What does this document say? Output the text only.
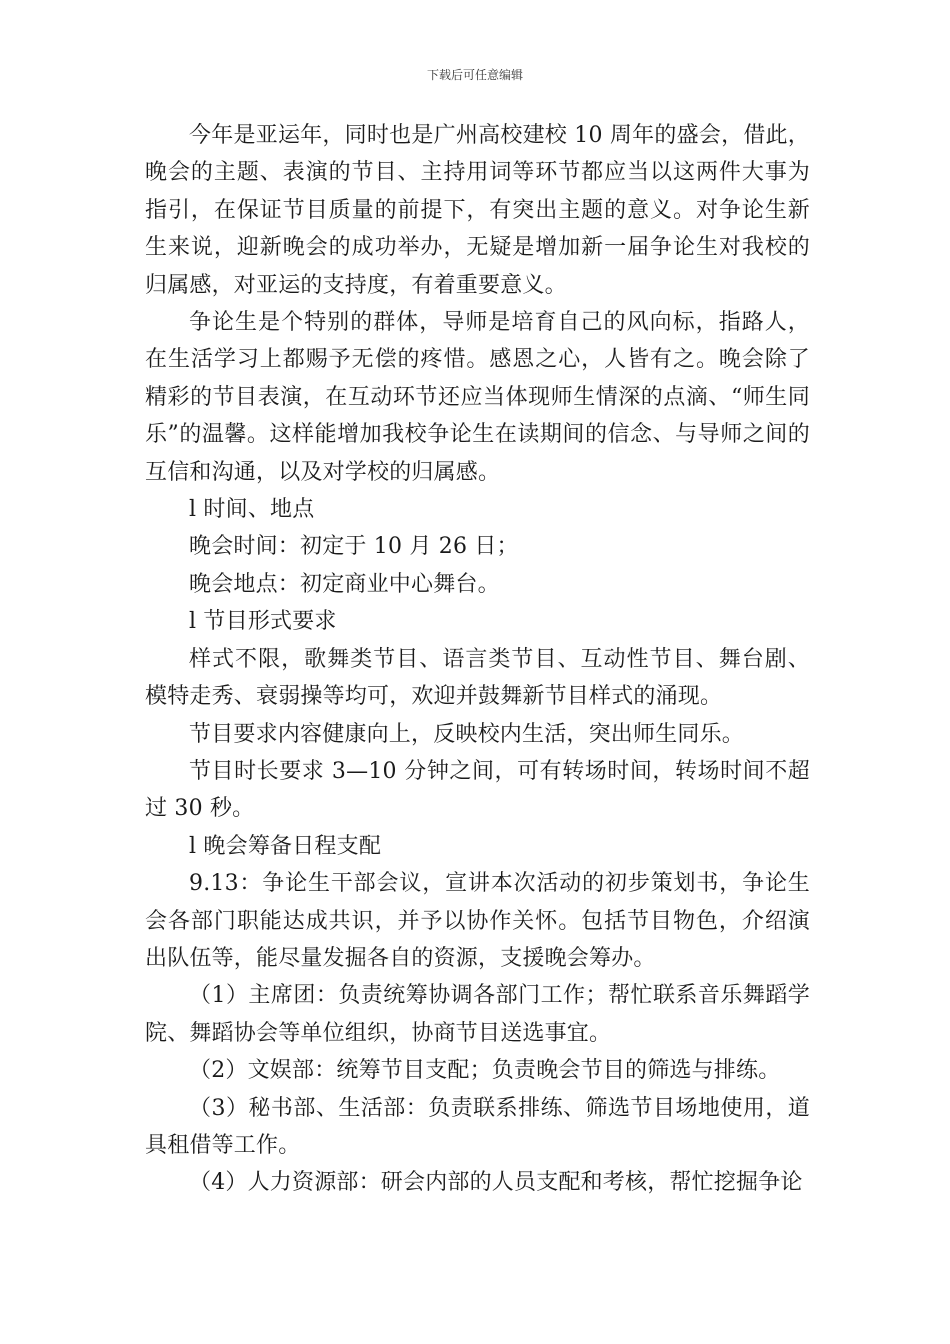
下载后可任意编辑

今年是亚运年，同时也是广州高校建校 10 周年的盛会，借此，晚会的主题、表演的节目、主持用词等环节都应当以这两件大事为指引，在保证节目质量的前提下，有突出主题的意义。对争论生新生来说，迎新晚会的成功举办，无疑是增加新一届争论生对我校的归属感，对亚运的支持度，有着重要意义。

争论生是个特别的群体，导师是培育自己的风向标，指路人，在生活学习上都赐予无偿的疼惜。感恩之心，人皆有之。晚会除了精彩的节目表演，在互动环节还应当体现师生情深的点滴、“师生同乐”的温馨。这样能增加我校争论生在读期间的信念、与导师之间的互信和沟通，以及对学校的归属感。

l 时间、地点

晚会时间：初定于 10 月 26 日；

晚会地点：初定商业中心舞台。

l 节目形式要求

样式不限，歌舞类节目、语言类节目、互动性节目、舞台剧、模特走秀、衰弱操等均可，欢迎并鼓舞新节目样式的涌现。

节目要求内容健康向上，反映校内生活，突出师生同乐。

节目时长要求 3—10 分钟之间，可有转场时间，转场时间不超过 30 秒。

l 晚会筹备日程支配

9.13：争论生干部会议，宣讲本次活动的初步策划书，争论生会各部门职能达成共识，并予以协作关怀。包括节目物色，介绍演出队伍等，能尽量发掘各自的资源，支援晚会筹办。

（1）主席团：负责统筹协调各部门工作；帮忙联系音乐舞蹈学院、舞蹈协会等单位组织，协商节目送选事宜。

（2）文娱部：统筹节目支配；负责晚会节目的筛选与排练。

（3）秘书部、生活部：负责联系排练、筛选节目场地使用，道具租借等工作。

（4）人力资源部：研会内部的人员支配和考核，帮忙挖掘争论
